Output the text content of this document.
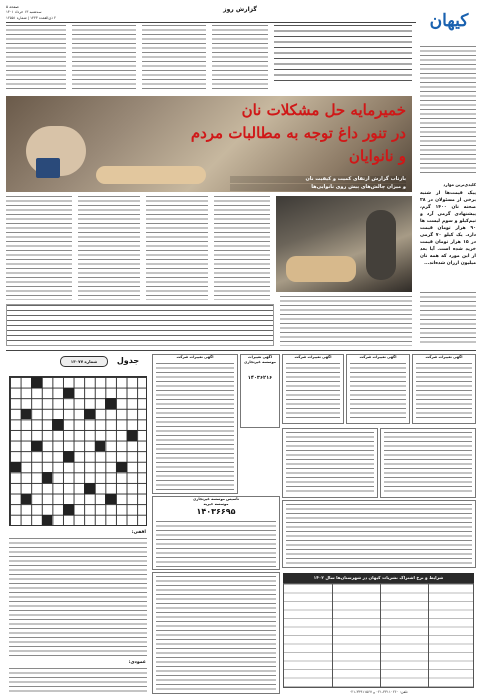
کیهان
گزارش روز
صفحه ۵
سه‌شنبه ۱۳ خرداد ۱۴۰۱
۲ ذی‌القعده ۱۴۴۳ | شماره ۱۲۵۵۱
خمیرمایه حل مشکلات نان
در تنور داغ توجه به مطالبات مردم
و نانوایان
بازتاب گزارش ارتقای کمیت و کیفیت نان
و میزان چالش‌های پیش روی نانوایی‌ها	کلیدی‌ترین موارد
پیک قیمت‌ها از شنبه برخی از مسئولان در ۲۸ صحنه نان ۱۴۰۰ گرم، پیشنهادی گرمی آرد و نیم‌کیلو و سوم لیست ها ۹۰ هزار تومان قیمت دارد. یک کیلو ۷۰ گرمی در ۱۵ هزار تومان قیمت خرید شده است. آیا بعد از این مورد که همه نان میلیون ارزان شده‌اند...
جدول
شماره ۱۳۰۷۷
افقی:
عمودی:
آگهی تغییرات شرکت	آگهی تغییرات
موسسه غیرتجاری
۱۴۰۳۶۲۱۶
تأسیس موسسه غیرتجاری
موسسه خیریه
۱۴۰۳۶۶۹۵
آگهی تغییرات شرکت	آگهی تغییرات شرکت	آگهی تغییرات شرکت
شرایط و نرخ اشتراک نشریات کیهان در شهرستان‌ها سال ۱۴۰۲
تلفن: ۳۳۱۱۰۲۶۰-۰۲۱ و ۳۳۹۱۱۵۶۷-۰۲۱
